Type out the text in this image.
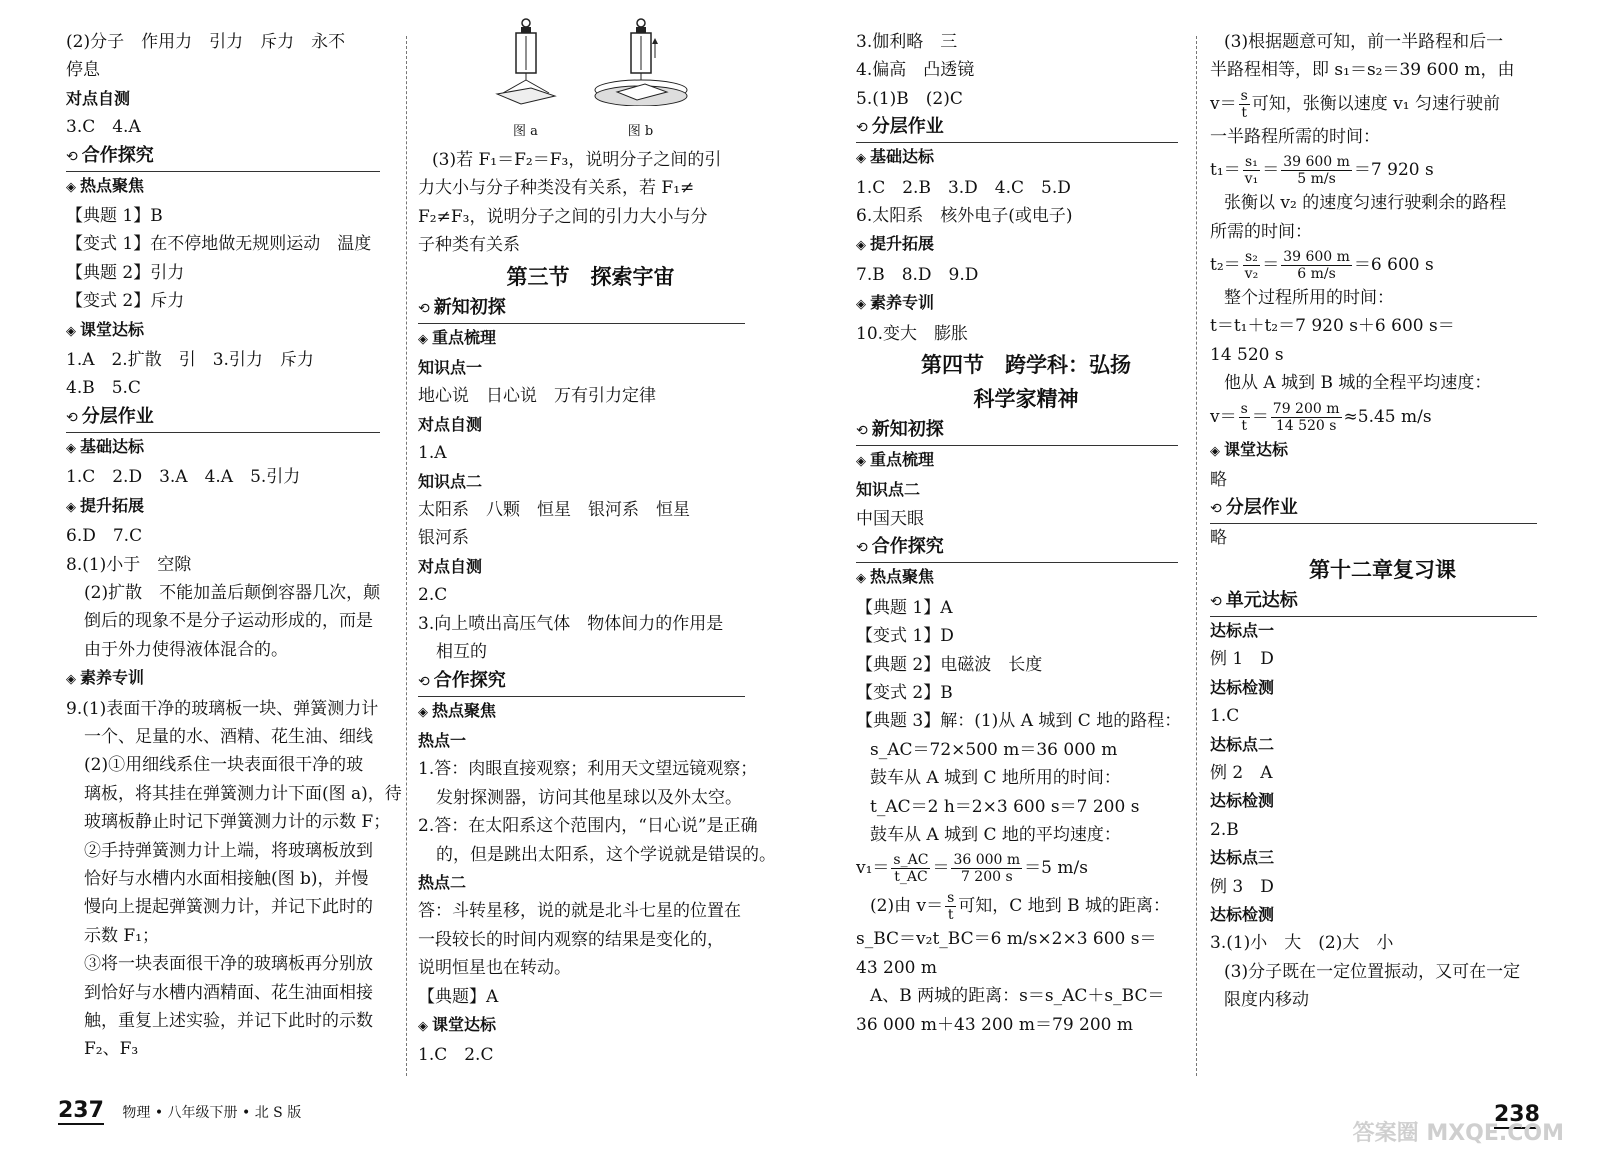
(2)分子　作用力　引力　斥力　永不
停息
对点自测
3.C　4.A
⟲ 合作探究
◈ 热点聚焦
【典题 1】B
【变式 1】在不停地做无规则运动　温度
【典题 2】引力
【变式 2】斥力
◈ 课堂达标
1.A　2.扩散　引　3.引力　斥力
4.B　5.C
⟲ 分层作业
◈ 基础达标
1.C　2.D　3.A　4.A　5.引力
◈ 提升拓展
6.D　7.C
8.(1)小于　空隙
(2)扩散　不能加盖后颠倒容器几次，颠
倒后的现象不是分子运动形成的，而是
由于外力使得液体混合的。
◈ 素养专训
9.(1)表面干净的玻璃板一块、弹簧测力计
一个、足量的水、酒精、花生油、细线
(2)①用细线系住一块表面很干净的玻
璃板，将其挂在弹簧测力计下面(图 a)，待
玻璃板静止时记下弹簧测力计的示数 F；
②手持弹簧测力计上端，将玻璃板放到
恰好与水槽内水面相接触(图 b)，并慢
慢向上提起弹簧测力计，并记下此时的
示数 F₁；
③将一块表面很干净的玻璃板再分别放
到恰好与水槽内酒精面、花生油面相接
触，重复上述实验，并记下此时的示数
F₂、F₃
图 a	图 b
(3)若 F₁＝F₂＝F₃，说明分子之间的引
力大小与分子种类没有关系，若 F₁≠
F₂≠F₃，说明分子之间的引力大小与分
子种类有关系
第三节　探索宇宙
⟲ 新知初探
◈ 重点梳理
知识点一
地心说　日心说　万有引力定律
对点自测
1.A
知识点二
太阳系　八颗　恒星　银河系　恒星
银河系
对点自测
2.C
3.向上喷出高压气体　物体间力的作用是
相互的
⟲ 合作探究
◈ 热点聚焦
热点一
1.答：肉眼直接观察；利用天文望远镜观察；
发射探测器，访问其他星球以及外太空。
2.答：在太阳系这个范围内，“日心说”是正确
的，但是跳出太阳系，这个学说就是错误的。
热点二
答：斗转星移，说的就是北斗七星的位置在
一段较长的时间内观察的结果是变化的，
说明恒星也在转动。
【典题】A
◈ 课堂达标
1.C　2.C
3.伽利略　三
4.偏高　凸透镜
5.(1)B　(2)C
⟲ 分层作业
◈ 基础达标
1.C　2.B　3.D　4.C　5.D
6.太阳系　核外电子(或电子)
◈ 提升拓展
7.B　8.D　9.D
◈ 素养专训
10.变大　膨胀
第四节　跨学科：弘扬
科学家精神
⟲ 新知初探
◈ 重点梳理
知识点二
中国天眼
⟲ 合作探究
◈ 热点聚焦
【典题 1】A
【变式 1】D
【典题 2】电磁波　长度
【变式 2】B
【典题 3】解：(1)从 A 城到 C 地的路程：
s_AC＝72×500 m＝36 000 m
鼓车从 A 城到 C 地所用的时间：
t_AC＝2 h＝2×3 600 s＝7 200 s
鼓车从 A 城到 C 地的平均速度：
$v_1= \frac{s\_AC}{t\_AC} = \frac{36 000 m}{7 200 s} =5$ m/s
(2)由 $v= \frac{s}{t}$ 可知，C 地到 B 城的距离：
s_BC＝v₂t_BC＝6 m/s×2×3 600 s＝
43 200 m
A、B 两城的距离：s＝s_AC＋s_BC＝
36 000 m＋43 200 m＝79 200 m
(3)根据题意可知，前一半路程和后一
半路程相等，即 s₁＝s₂＝39 600 m，由
$v= \frac{s}{t}$ 可知，张衡以速度 v₁ 匀速行驶前
一半路程所需的时间：
$t_1= \frac{\text{s₁}}{\text{v₁}} = \frac{39 600 m}{5 m/s} =7$ 920 s
张衡以 v₂ 的速度匀速行驶剩余的路程
所需的时间：
$t_2= \frac{\text{s₂}}{\text{v₂}} = \frac{39 600 m}{6 m/s} =6$ 600 s
整个过程所用的时间：
t＝t₁＋t₂＝7 920 s＋6 600 s＝
14 520 s
他从 A 城到 B 城的全程平均速度：
$v= \frac{s}{t} = \frac{79 200 m}{14 520 s} \approx 5.45$ m/s
◈ 课堂达标
略
⟲ 分层作业
略
第十二章复习课
⟲ 单元达标
达标点一
例 1　D
达标检测
1.C
达标点二
例 2　A
达标检测
2.B
达标点三
例 3　D
达标检测
3.(1)小　大　(2)大　小
(3)分子既在一定位置振动，又可在一定
限度内移动
237 物理 • 八年级下册 • 北 S 版	238
答案圈 MXQE.COM
